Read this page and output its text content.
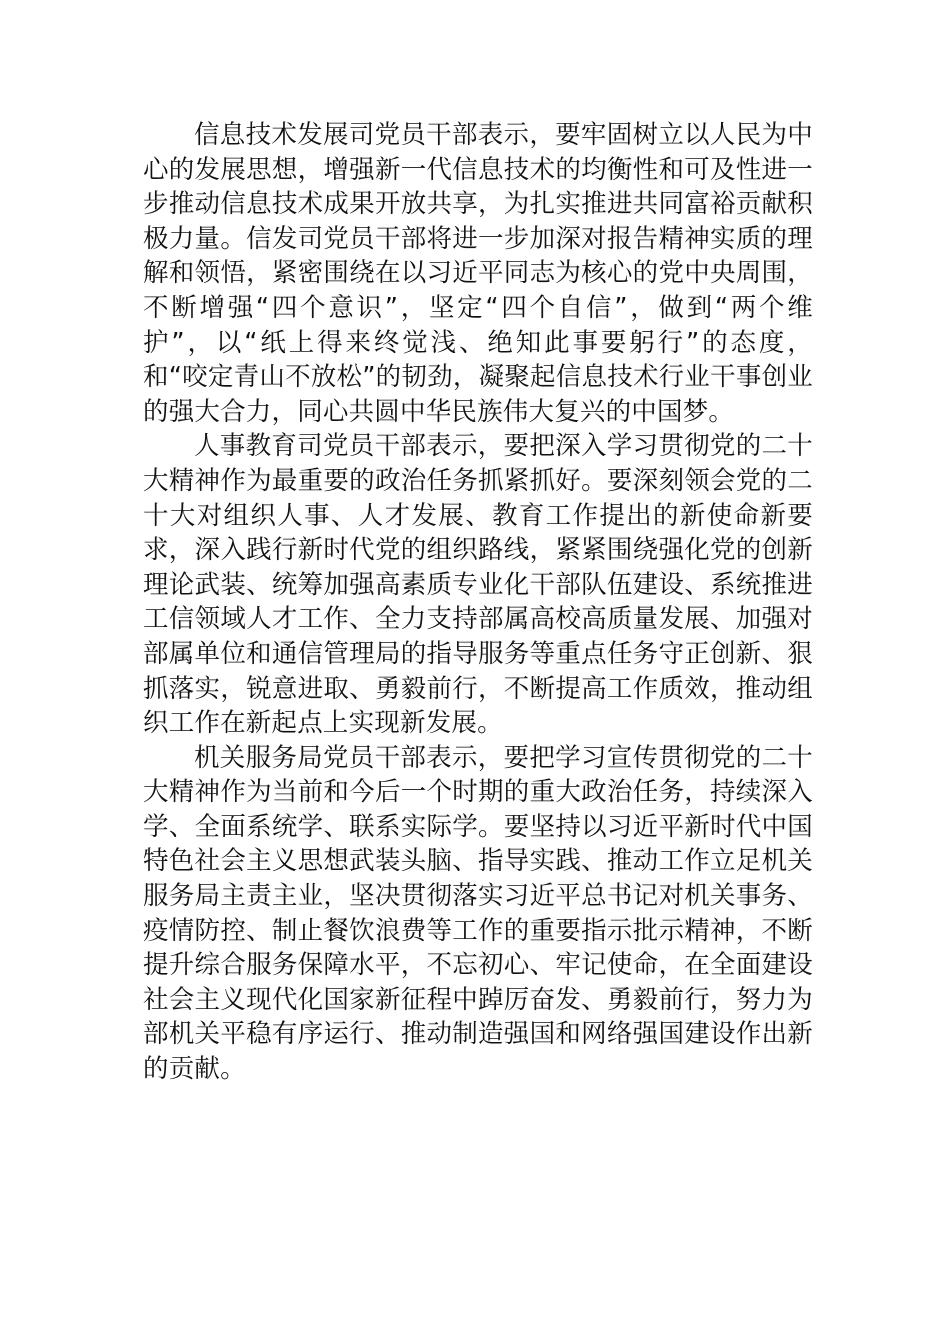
信息技术发展司党员干部表示，要牢固树立以人民为中心的发展思想，增强新一代信息技术的均衡性和可及性进一步推动信息技术成果开放共享，为扎实推进共同富裕贡献积极力量。信发司党员干部将进一步加深对报告精神实质的理解和领悟，紧密围绕在以习近平同志为核心的党中央周围，不断增强“四个意识”，坚定“四个自信”，做到“两个维护”，以“纸上得来终觉浅、绝知此事要躬行”的态度，和“咬定青山不放松”的韧劲，凝聚起信息技术行业干事创业的强大合力，同心共圆中华民族伟大复兴的中国梦。

人事教育司党员干部表示，要把深入学习贯彻党的二十大精神作为最重要的政治任务抓紧抓好。要深刻领会党的二十大对组织人事、人才发展、教育工作提出的新使命新要求，深入践行新时代党的组织路线，紧紧围绕强化党的创新理论武装、统筹加强高素质专业化干部队伍建设、系统推进工信领域人才工作、全力支持部属高校高质量发展、加强对部属单位和通信管理局的指导服务等重点任务守正创新、狠抓落实，锐意进取、勇毅前行，不断提高工作质效，推动组织工作在新起点上实现新发展。

机关服务局党员干部表示，要把学习宣传贯彻党的二十大精神作为当前和今后一个时期的重大政治任务，持续深入学、全面系统学、联系实际学。要坚持以习近平新时代中国特色社会主义思想武装头脑、指导实践、推动工作立足机关服务局主责主业，坚决贯彻落实习近平总书记对机关事务、疫情防控、制止餐饮浪费等工作的重要指示批示精神，不断提升综合服务保障水平，不忘初心、牢记使命，在全面建设社会主义现代化国家新征程中踔厉奋发、勇毅前行，努力为部机关平稳有序运行、推动制造强国和网络强国建设作出新的贡献。
